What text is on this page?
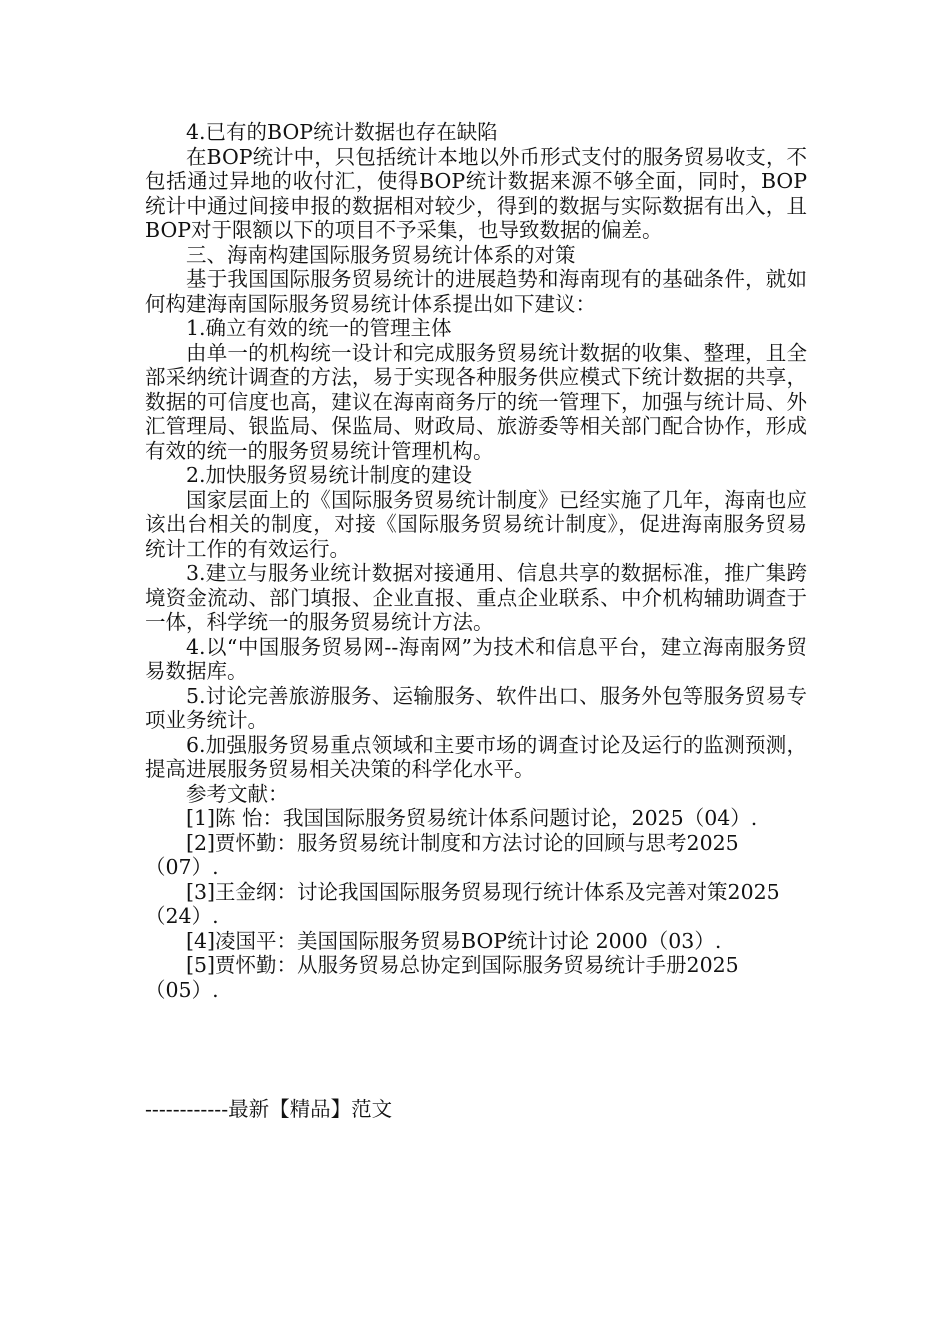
4.已有的BOP统计数据也存在缺陷

在BOP统计中，只包括统计本地以外币形式支付的服务贸易收支，不包括通过异地的收付汇，使得BOP统计数据来源不够全面，同时，BOP统计中通过间接申报的数据相对较少，得到的数据与实际数据有出入，且BOP对于限额以下的项目不予采集，也导致数据的偏差。

三、海南构建国际服务贸易统计体系的对策

基于我国国际服务贸易统计的进展趋势和海南现有的基础条件，就如何构建海南国际服务贸易统计体系提出如下建议：

1.确立有效的统一的管理主体

由单一的机构统一设计和完成服务贸易统计数据的收集、整理，且全部采纳统计调查的方法，易于实现各种服务供应模式下统计数据的共享，数据的可信度也高，建议在海南商务厅的统一管理下，加强与统计局、外汇管理局、银监局、保监局、财政局、旅游委等相关部门配合协作，形成有效的统一的服务贸易统计管理机构。

2.加快服务贸易统计制度的建设

国家层面上的《国际服务贸易统计制度》已经实施了几年，海南也应该出台相关的制度，对接《国际服务贸易统计制度》，促进海南服务贸易统计工作的有效运行。

3.建立与服务业统计数据对接通用、信息共享的数据标准，推广集跨境资金流动、部门填报、企业直报、重点企业联系、中介机构辅助调查于一体，科学统一的服务贸易统计方法。

4.以“中国服务贸易网--海南网”为技术和信息平台，建立海南服务贸易数据库。

5.讨论完善旅游服务、运输服务、软件出口、服务外包等服务贸易专项业务统计。

6.加强服务贸易重点领域和主要市场的调查讨论及运行的监测预测，提高进展服务贸易相关决策的科学化水平。

参考文献：

[1]陈 怡：我国国际服务贸易统计体系问题讨论，2025（04）.

[2]贾怀勤：服务贸易统计制度和方法讨论的回顾与思考2025（07）.

[3]王金纲：讨论我国国际服务贸易现行统计体系及完善对策2025（24）.

[4]凌国平：美国国际服务贸易BOP统计讨论 2000（03）.

[5]贾怀勤：从服务贸易总协定到国际服务贸易统计手册2025（05）.

------------最新【精品】范文
